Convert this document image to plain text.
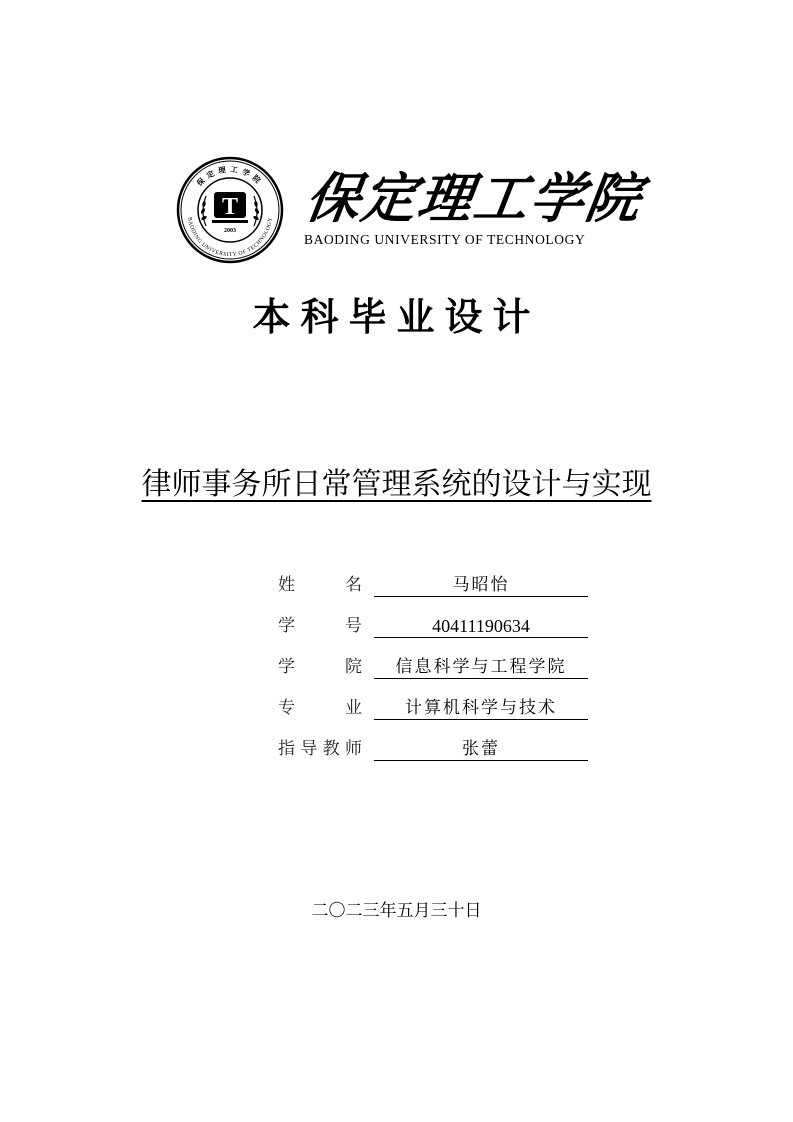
保定理工学院
BAODING UNIVERSITY OF TECHNOLOGY
T
2003
保定理工学院
BAODING UNIVERSITY OF TECHNOLOGY
本科毕业设计
律师事务所日常管理系统的设计与实现
姓	名	马昭怡
学	号	40411190634
学	院	信息科学与工程学院
专	业	计算机科学与技术
指 导 教 师	张蕾
二〇二三年五月三十日
